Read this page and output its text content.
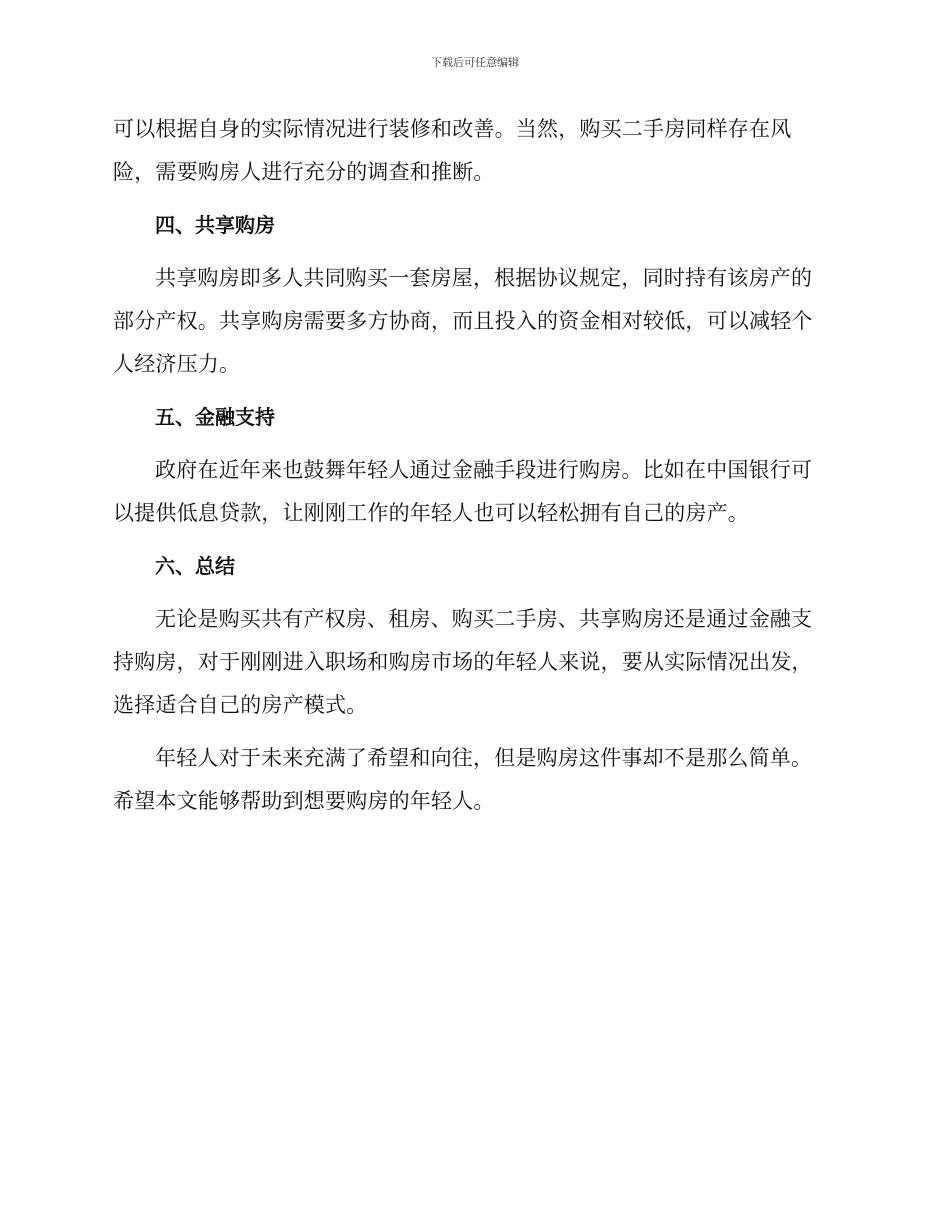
下载后可任意编辑

可以根据自身的实际情况进行装修和改善。当然，购买二手房同样存在风险，需要购房人进行充分的调查和推断。

四、共享购房

共享购房即多人共同购买一套房屋，根据协议规定，同时持有该房产的部分产权。共享购房需要多方协商，而且投入的资金相对较低，可以减轻个人经济压力。

五、金融支持

政府在近年来也鼓舞年轻人通过金融手段进行购房。比如在中国银行可以提供低息贷款，让刚刚工作的年轻人也可以轻松拥有自己的房产。

六、总结

无论是购买共有产权房、租房、购买二手房、共享购房还是通过金融支持购房，对于刚刚进入职场和购房市场的年轻人来说，要从实际情况出发，选择适合自己的房产模式。

年轻人对于未来充满了希望和向往，但是购房这件事却不是那么简单。希望本文能够帮助到想要购房的年轻人。
